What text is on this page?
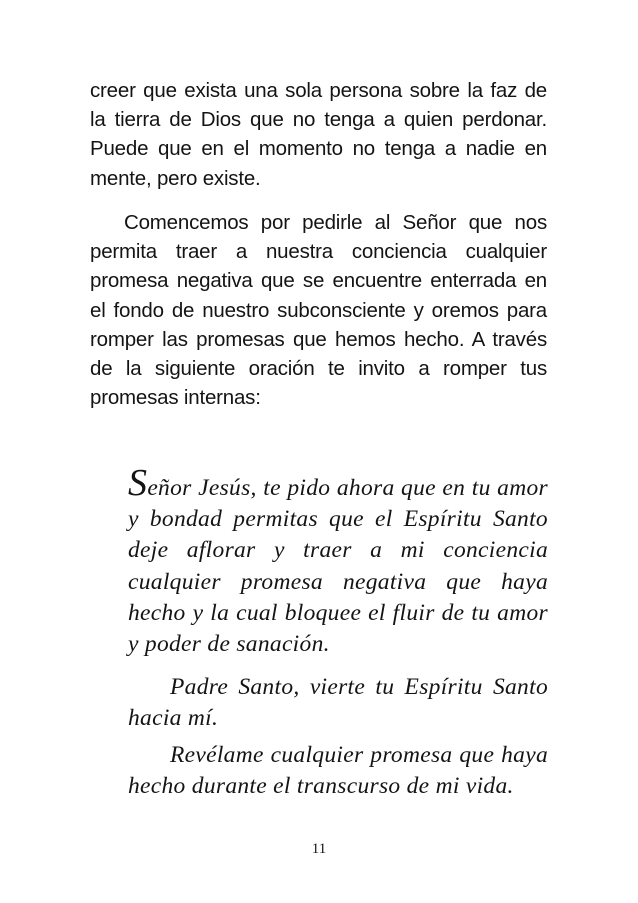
creer que exista una sola persona sobre la faz de la tierra de Dios que no tenga a quien perdonar. Puede que en el momento no tenga a nadie en mente, pero existe.

Comencemos por pedirle al Señor que nos permita traer a nuestra conciencia cualquier promesa negativa que se encuentre enterrada en el fondo de nuestro subconsciente y oremos para romper las promesas que hemos hecho. A través de la siguiente oración te invito a romper tus promesas internas:

Señor Jesús, te pido ahora que en tu amor y bondad permitas que el Espíritu Santo deje aflorar y traer a mi conciencia cualquier promesa negativa que haya hecho y la cual bloquee el fluir de tu amor y poder de sanación.

Padre Santo, vierte tu Espíritu Santo hacia mí.

Revélame cualquier promesa que haya hecho durante el transcurso de mi vida.

11
